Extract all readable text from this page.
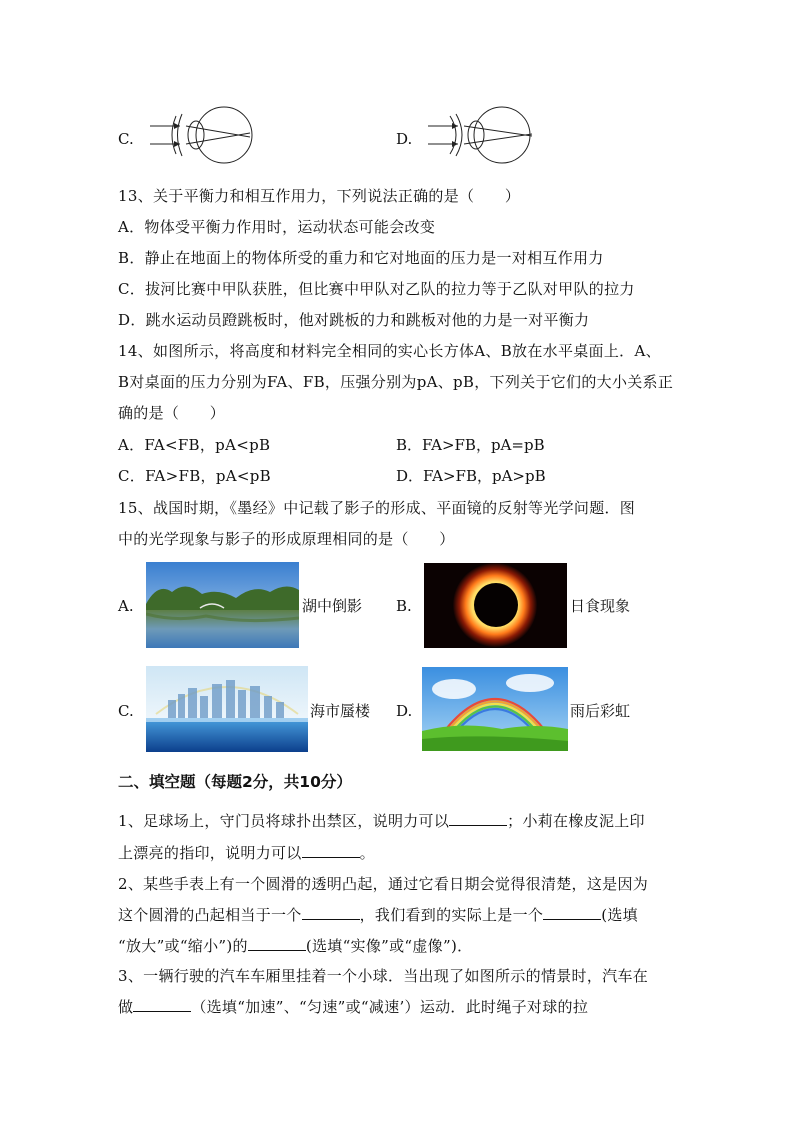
C.	D.
13、关于平衡力和相互作用力，下列说法正确的是（　　）
A．物体受平衡力作用时，运动状态可能会改变
B．静止在地面上的物体所受的重力和它对地面的压力是一对相互作用力
C．拔河比赛中甲队获胜，但比赛中甲队对乙队的拉力等于乙队对甲队的拉力
D．跳水运动员蹬跳板时，他对跳板的力和跳板对他的力是一对平衡力
14、如图所示，将高度和材料完全相同的实心长方体A、B放在水平桌面上．A、
B对桌面的压力分别为FA、FB，压强分别为pA、pB，下列关于它们的大小关系正
确的是（　　）
A．FA<FB，pA<pB	B．FA>FB，pA=pB
C．FA>FB，pA<pB	D．FA>FB，pA>pB
15、战国时期，《墨经》中记载了影子的形成、平面镜的反射等光学问题．图
中的光学现象与影子的形成原理相同的是（　　）
A.	湖中倒影 B.	日食现象
C.	海市蜃楼 D.	雨后彩虹
二、填空题（每题2分，共10分）
1、足球场上，守门员将球扑出禁区，说明力可以	；小莉在橡皮泥上印
上漂亮的指印，说明力可以	。
2、某些手表上有一个圆滑的透明凸起，通过它看日期会觉得很清楚，这是因为
这个圆滑的凸起相当于一个	，我们看到的实际上是一个	(选填
“放大”或“缩小”)的	(选填“实像”或“虚像”)．
3、一辆行驶的汽车车厢里挂着一个小球．当出现了如图所示的情景时，汽车在
做	（选填“加速”、“匀速”或“减速’）运动．此时绳子对球的拉
